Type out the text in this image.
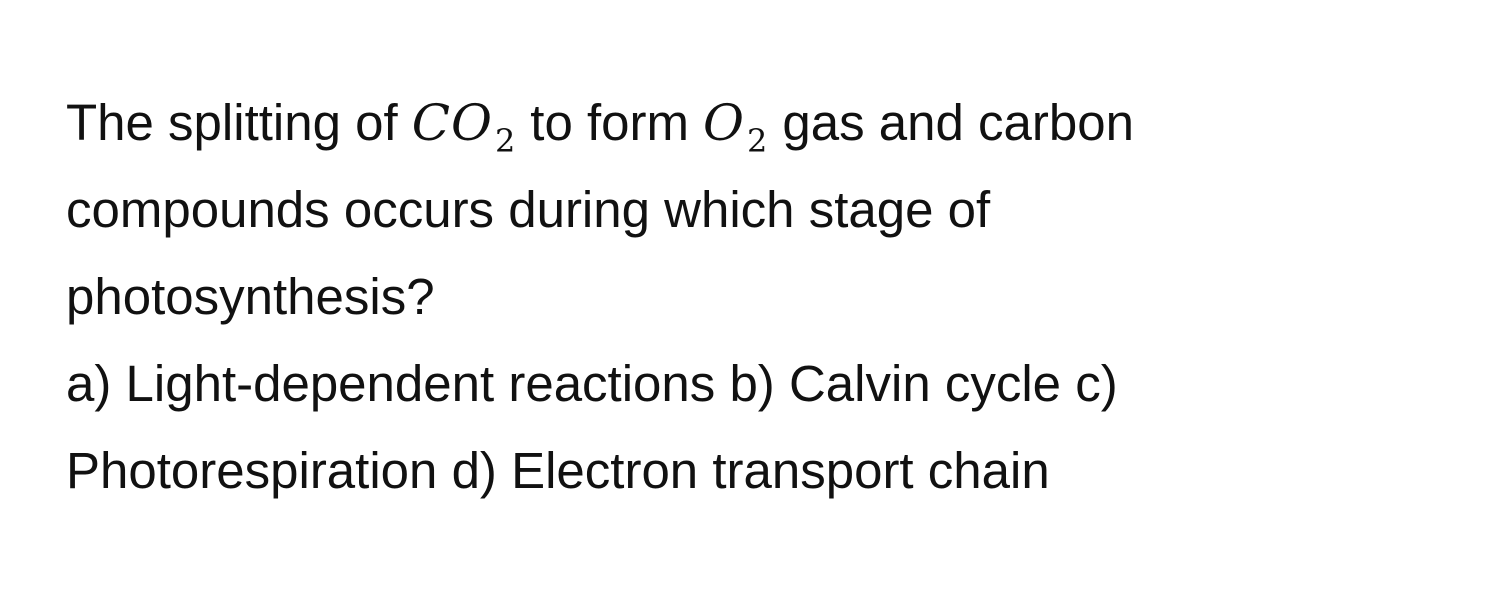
The splitting of $CO_2$ to form $O_2$ gas and carbon
compounds occurs during which stage of
photosynthesis?
a) Light-dependent reactions b) Calvin cycle c)
Photorespiration d) Electron transport chain
